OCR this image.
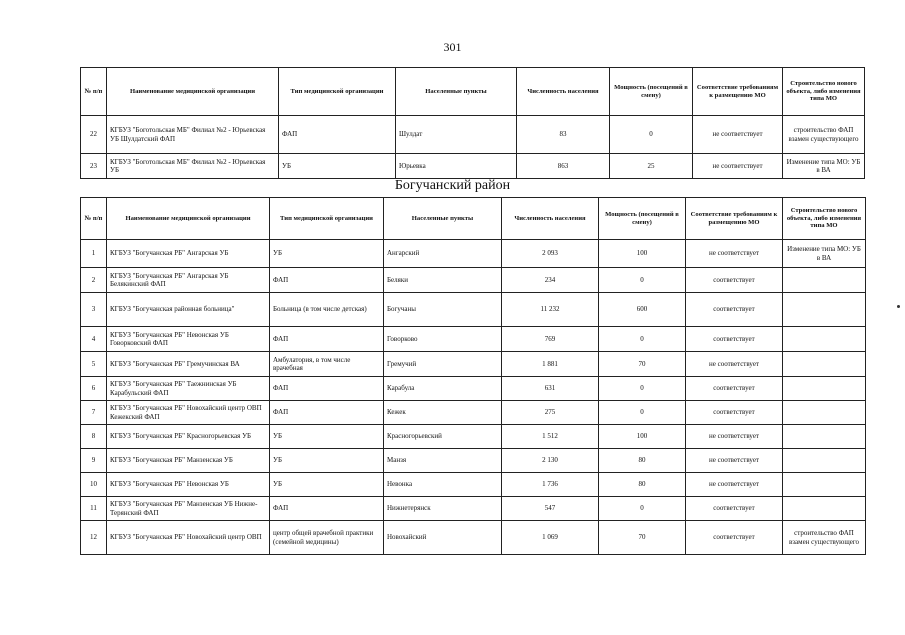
301
№ п/п	Наименование медицинской организации	Тип медицинской организации	Населенные пункты	Численность населения	Мощность (посещений в смену)	Соответствие требованиям к размещению МО	Строительство нового объекта, либо изменения типа МО
22	КГБУЗ "Боготольская МБ" Филиал №2 - Юрьевская УБ Шулдатский ФАП	ФАП	Шулдат	83	0	не соответствует	строительство ФАП взамен существующего
23	КГБУЗ "Боготольская МБ" Филиал №2 - Юрьевская УБ	УБ	Юрьевка	863	25	не соответствует	Изменение типа МО: УБ в ВА
Богучанский район
№ п/п	Наименование медицинской организации	Тип медицинской организации	Населенные пункты	Численность населения	Мощность (посещений в смену)	Соответствие требованиям к размещению МО	Строительство нового объекта, либо изменения типа МО
1	КГБУЗ "Богучанская РБ" Ангарская УБ	УБ	Ангарский	2 093	100	не соответствует	Изменение типа МО: УБ в ВА
2	КГБУЗ "Богучанская РБ" Ангарская УБ Беляки́нский ФАП	ФАП	Беляки	234	0	соответствует	
3	КГБУЗ "Богучанская районная больница"	Больница (в том числе детская)	Богучаны	11 232	600	соответствует	
4	КГБУЗ "Богучанская РБ" Невонская УБ Говорковский ФАП	ФАП	Говорково	769	0	соответствует	
5	КГБУЗ "Богучанская РБ" Гремучинская ВА	Амбулатория, в том числе врачебная	Гремучий	1 881	70	не соответствует	
6	КГБУЗ "Богучанская РБ" Таежнинская УБ Карабульский ФАП	ФАП	Карабула	631	0	соответствует	
7	КГБУЗ "Богучанская РБ" Новохайский центр ОВП Кежекский ФАП	ФАП	Кежек	275	0	соответствует	
8	КГБУЗ "Богучанская РБ" Красногорьевская УБ	УБ	Красногорьевский	1 512	100	не соответствует	
9	КГБУЗ "Богучанская РБ" Манзенская УБ	УБ	Манзя	2 130	80	не соответствует	
10	КГБУЗ "Богучанская РБ" Невонская УБ	УБ	Невонка	1 736	80	не соответствует	
11	КГБУЗ "Богучанская РБ" Манзенская УБ Нижне-Терянский ФАП	ФАП	Нижнетерянск	547	0	соответствует	
12	КГБУЗ "Богучанская РБ" Новохайский центр ОВП	центр общей врачебной практики (семейной медицины)	Новохайский	1 069	70	соответствует	строительство ФАП взамен существующего
